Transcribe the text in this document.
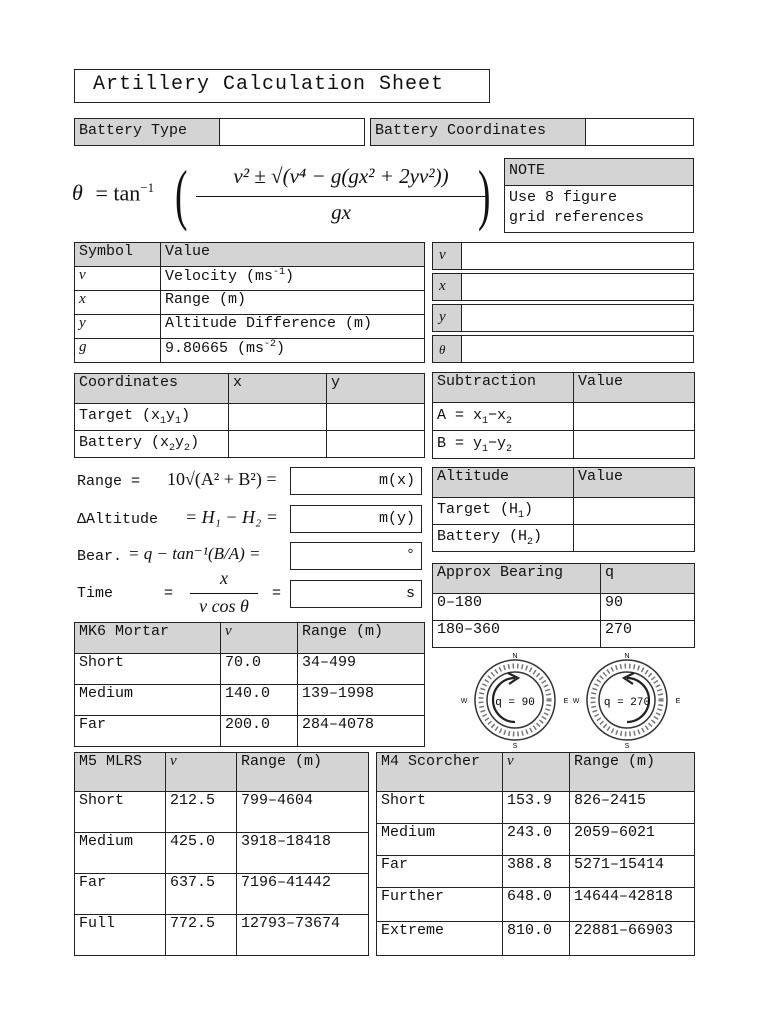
Artillery Calculation Sheet
Battery Type	Battery Coordinates
$\theta = \tan^{-1}$ (	v² ± √(v⁴ − g(gx² + 2yv²))
gx	)	NOTE
Use 8 figure
grid references
Symbol	Value
v	Velocity $(ms^{-1})$
x	Range (m)
y	Altitude Difference (m)
g	9.80665 $(ms^{-2})$
v
x
y
θ
Coordinates	x	y
Target $(x_1y_1)$		
Battery $(x_2y_2)$		
Subtraction	Value
$A = x_1-x_2$	
$B = y_1-y_2$	
Range = 10√(A² + B²) =	m(x)
ΔAltitude = H₁ − H₂ =	m(y)
Bear. = q − tan⁻¹(B/A) =	°
Time	=
x
v cos θ
=	s
Altitude	Value
Target $(H_1)$	
Battery $(H_2)$	
Approx Bearing	q
0–180	90
180–360	270
q = 90
N
S
W	E	q = 270
N
S
W	E
MK6 Mortar	v	Range (m)
Short	70.0	34–499
Medium	140.0	139–1998
Far	200.0	284–4078
M5 MLRS	v	Range (m)
Short	212.5	799–4604
Medium	425.0	3918–18418
Far	637.5	7196–41442
Full	772.5	12793–73674
M4 Scorcher	v	Range (m)
Short	153.9	826–2415
Medium	243.0	2059–6021
Far	388.8	5271–15414
Further	648.0	14644–42818
Extreme	810.0	22881–66903
